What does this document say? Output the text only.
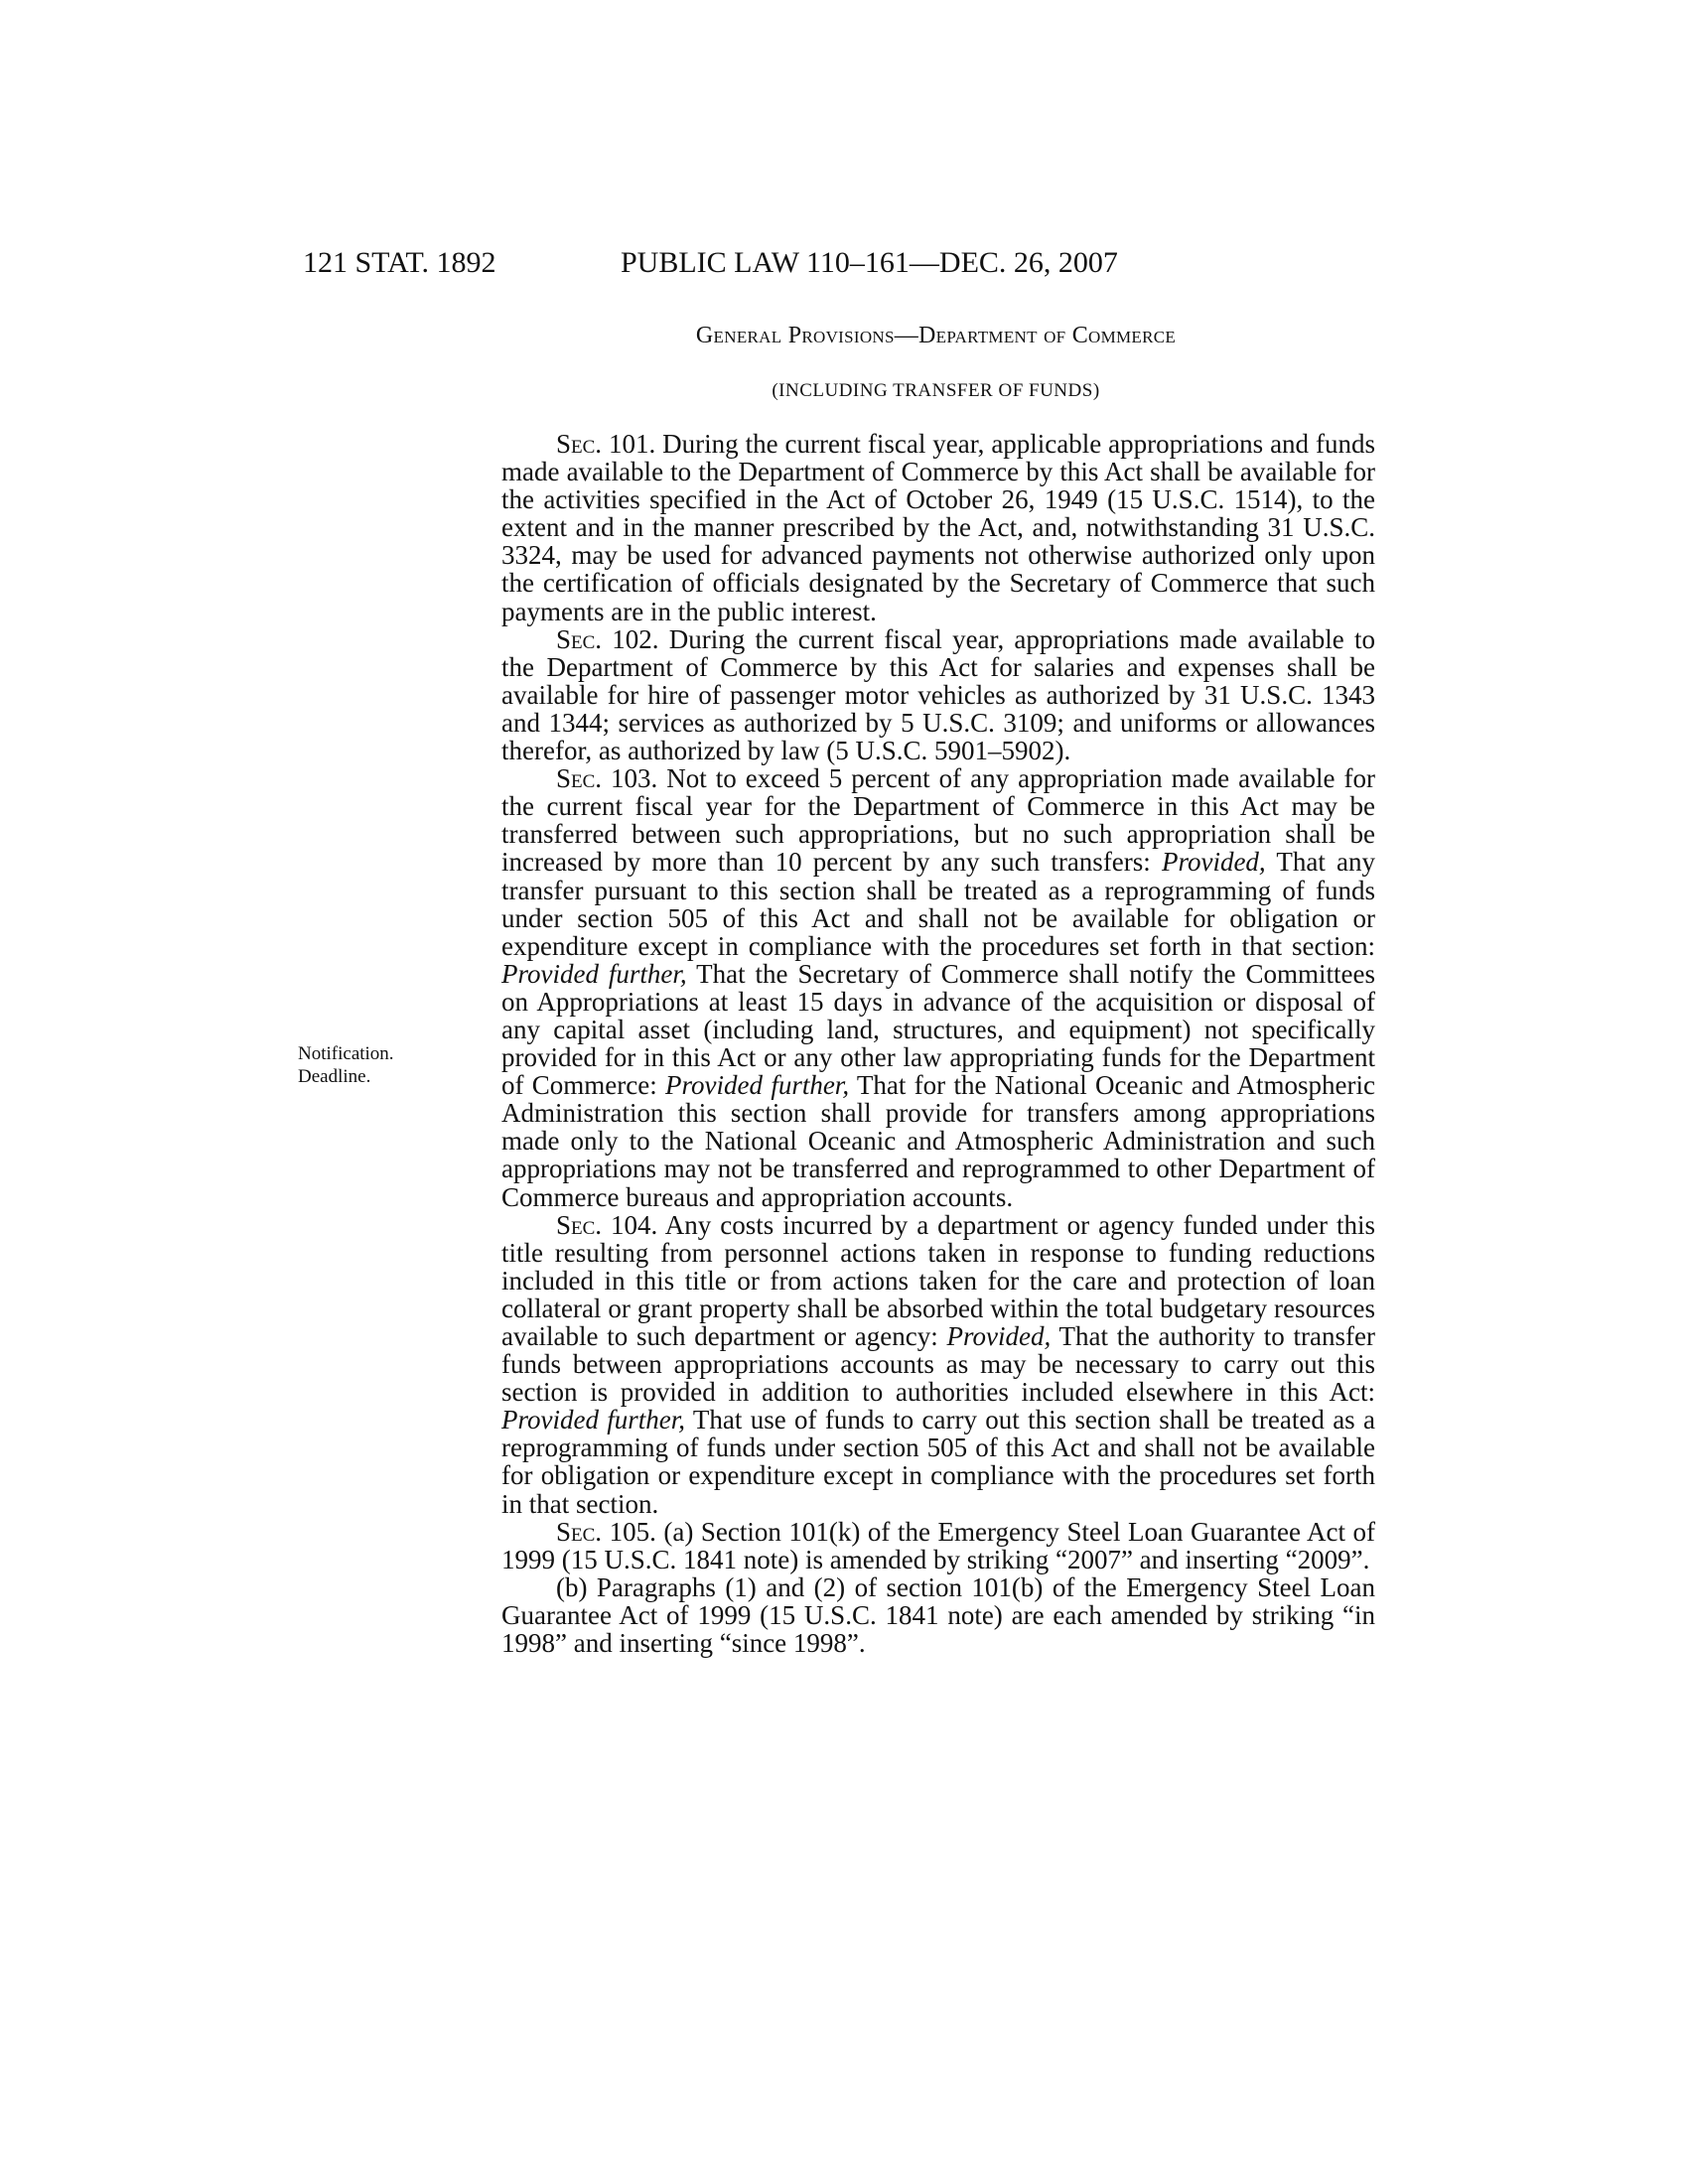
121 STAT. 1892	PUBLIC LAW 110–161—DEC. 26, 2007
General Provisions—Department of Commerce
(INCLUDING TRANSFER OF FUNDS)
Notification.
Deadline.

Sec. 101. During the current fiscal year, applicable appropriations and funds made available to the Department of Commerce by this Act shall be available for the activities specified in the Act of October 26, 1949 (15 U.S.C. 1514), to the extent and in the manner prescribed by the Act, and, notwithstanding 31 U.S.C. 3324, may be used for advanced payments not otherwise authorized only upon the certification of officials designated by the Secretary of Commerce that such payments are in the public interest.

Sec. 102. During the current fiscal year, appropriations made available to the Department of Commerce by this Act for salaries and expenses shall be available for hire of passenger motor vehicles as authorized by 31 U.S.C. 1343 and 1344; services as authorized by 5 U.S.C. 3109; and uniforms or allowances therefor, as authorized by law (5 U.S.C. 5901–5902).

Sec. 103. Not to exceed 5 percent of any appropriation made available for the current fiscal year for the Department of Commerce in this Act may be transferred between such appropriations, but no such appropriation shall be increased by more than 10 percent by any such transfers: Provided, That any transfer pursuant to this section shall be treated as a reprogramming of funds under section 505 of this Act and shall not be available for obligation or expenditure except in compliance with the procedures set forth in that section: Provided further, That the Secretary of Commerce shall notify the Committees on Appropriations at least 15 days in advance of the acquisition or disposal of any capital asset (including land, structures, and equipment) not specifically provided for in this Act or any other law appropriating funds for the Department of Commerce: Provided further, That for the National Oceanic and Atmospheric Administration this section shall provide for transfers among appropriations made only to the National Oceanic and Atmospheric Administration and such appropriations may not be transferred and reprogrammed to other Department of Commerce bureaus and appropriation accounts.

Sec. 104. Any costs incurred by a department or agency funded under this title resulting from personnel actions taken in response to funding reductions included in this title or from actions taken for the care and protection of loan collateral or grant property shall be absorbed within the total budgetary resources available to such department or agency: Provided, That the authority to transfer funds between appropriations accounts as may be necessary to carry out this section is provided in addition to authorities included elsewhere in this Act: Provided further, That use of funds to carry out this section shall be treated as a reprogramming of funds under section 505 of this Act and shall not be available for obligation or expenditure except in compliance with the procedures set forth in that section.

Sec. 105. (a) Section 101(k) of the Emergency Steel Loan Guarantee Act of 1999 (15 U.S.C. 1841 note) is amended by striking “2007” and inserting “2009”.

(b) Paragraphs (1) and (2) of section 101(b) of the Emergency Steel Loan Guarantee Act of 1999 (15 U.S.C. 1841 note) are each amended by striking “in 1998” and inserting “since 1998”.
